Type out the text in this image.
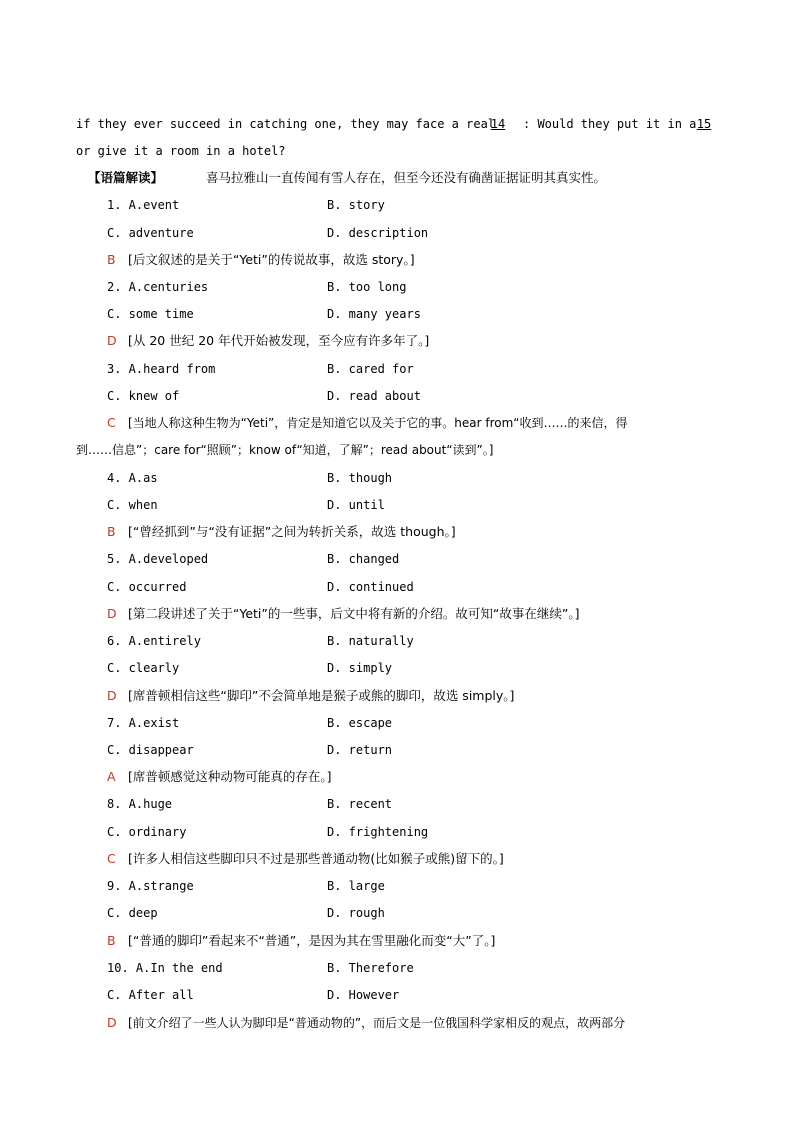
if they ever succeed in catching one, they may face a real
14	: Would they put it in a 15
or give it a room in a hotel?
【语篇解读】	喜马拉雅山一直传闻有雪人存在，但至今还没有确凿证据证明其真实性。
1. A.event	B. story
C. adventure	D. description
B [后文叙述的是关于“Yeti”的传说故事，故选 story。]
2. A.centuries	B. too long
C. some time	D. many years
D [从 20 世纪 20 年代开始被发现，至今应有许多年了。]
3. A.heard from	B. cared for
C. knew of	D. read about
C [当地人称这种生物为“Yeti”，肯定是知道它以及关于它的事。hear from“收到……的来信，得
到……信息”；care for“照顾”；know of“知道，了解”；read about“读到”。]
4. A.as	B. though
C. when	D. until
B [“曾经抓到”与“没有证据”之间为转折关系，故选 though。]
5. A.developed	B. changed
C. occurred	D. continued
D [第二段讲述了关于“Yeti”的一些事，后文中将有新的介绍。故可知“故事在继续”。]
6. A.entirely	B. naturally
C. clearly	D. simply
D [席普顿相信这些“脚印”不会简单地是猴子或熊的脚印，故选 simply。]
7. A.exist	B. escape
C. disappear	D. return
A [席普顿感觉这种动物可能真的存在。]
8. A.huge	B. recent
C. ordinary	D. frightening
C [许多人相信这些脚印只不过是那些普通动物(比如猴子或熊)留下的。]
9. A.strange	B. large
C. deep	D. rough
B [“普通的脚印”看起来不“普通”，是因为其在雪里融化而变“大”了。]
10. A.In the end	B. Therefore
C. After all	D. However
D [前文介绍了一些人认为脚印是“普通动物的”，而后文是一位俄国科学家相反的观点，故两部分
